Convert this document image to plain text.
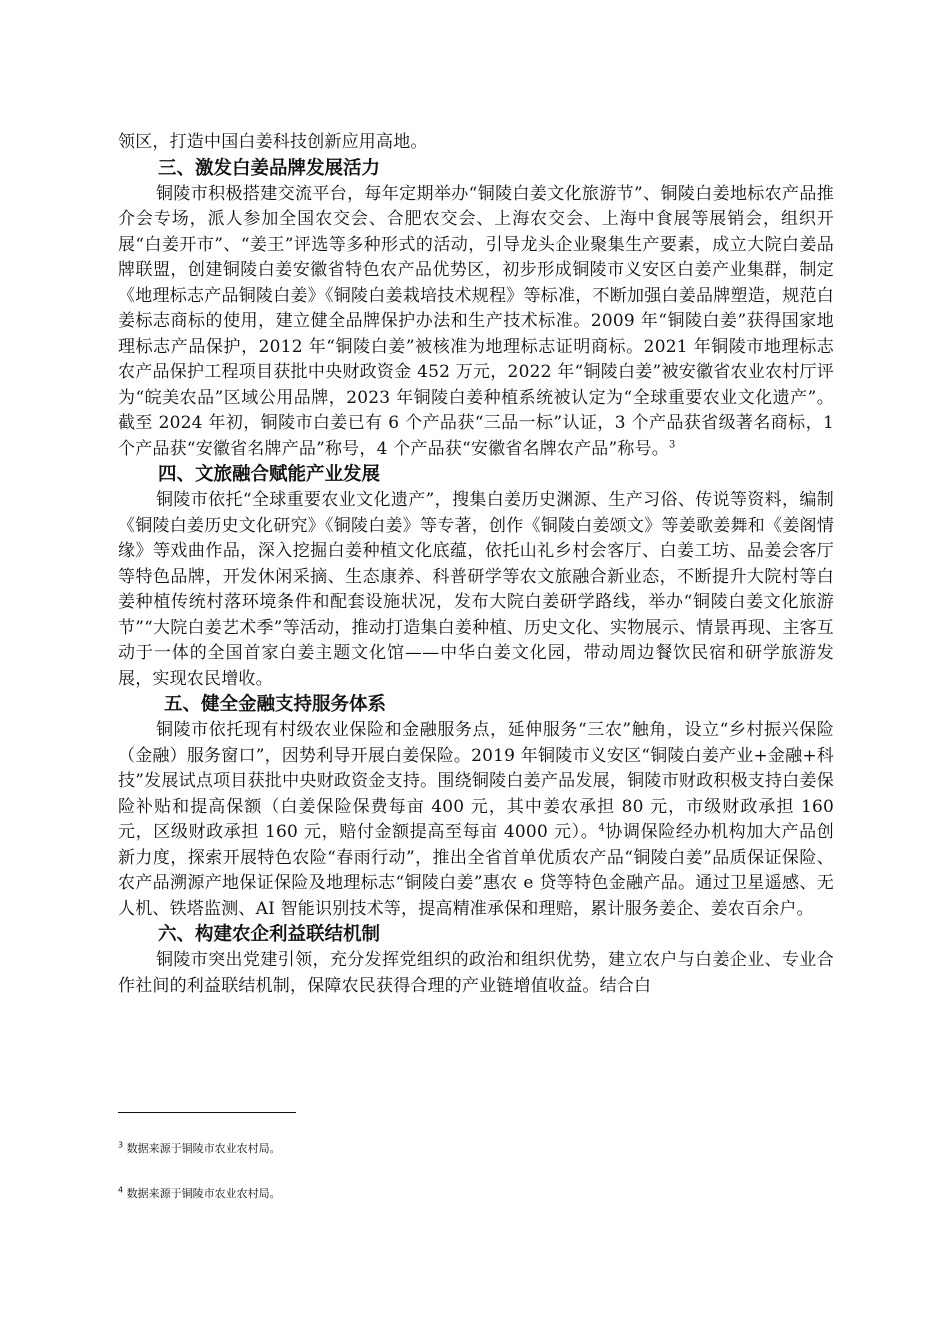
领区，打造中国白姜科技创新应用高地。

三、激发白姜品牌发展活力

铜陵市积极搭建交流平台，每年定期举办“铜陵白姜文化旅游节”、铜陵白姜地标农产品推介会专场，派人参加全国农交会、合肥农交会、上海农交会、上海中食展等展销会，组织开展“白姜开市”、“姜王”评选等多种形式的活动，引导龙头企业聚集生产要素，成立大院白姜品牌联盟，创建铜陵白姜安徽省特色农产品优势区，初步形成铜陵市义安区白姜产业集群，制定《地理标志产品铜陵白姜》《铜陵白姜栽培技术规程》等标准，不断加强白姜品牌塑造，规范白姜标志商标的使用，建立健全品牌保护办法和生产技术标准。2009 年“铜陵白姜”获得国家地理标志产品保护，2012 年“铜陵白姜”被核准为地理标志证明商标。2021 年铜陵市地理标志农产品保护工程项目获批中央财政资金 452 万元，2022 年“铜陵白姜”被安徽省农业农村厅评为“皖美农品”区域公用品牌，2023 年铜陵白姜种植系统被认定为“全球重要农业文化遗产”。截至 2024 年初，铜陵市白姜已有 6 个产品获“三品一标”认证，3 个产品获省级著名商标，1 个产品获“安徽省名牌产品”称号，4 个产品获“安徽省名牌农产品”称号。$^3$

四、文旅融合赋能产业发展

铜陵市依托“全球重要农业文化遗产”，搜集白姜历史渊源、生产习俗、传说等资料，编制《铜陵白姜历史文化研究》《铜陵白姜》等专著，创作《铜陵白姜颂文》等姜歌姜舞和《姜阁情缘》等戏曲作品，深入挖掘白姜种植文化底蕴，依托山礼乡村会客厅、白姜工坊、品姜会客厅等特色品牌，开发休闲采摘、生态康养、科普研学等农文旅融合新业态，不断提升大院村等白姜种植传统村落环境条件和配套设施状况，发布大院白姜研学路线，举办“铜陵白姜文化旅游节”“大院白姜艺术季”等活动，推动打造集白姜种植、历史文化、实物展示、情景再现、主客互动于一体的全国首家白姜主题文化馆——中华白姜文化园，带动周边餐饮民宿和研学旅游发展，实现农民增收。

五、健全金融支持服务体系

铜陵市依托现有村级农业保险和金融服务点，延伸服务“三农”触角，设立“乡村振兴保险（金融）服务窗口”，因势利导开展白姜保险。2019 年铜陵市义安区“铜陵白姜产业+金融+科技”发展试点项目获批中央财政资金支持。围绕铜陵白姜产品发展，铜陵市财政积极支持白姜保险补贴和提高保额（白姜保险保费每亩 400 元，其中姜农承担 80 元，市级财政承担 160 元，区级财政承担 160 元，赔付金额提高至每亩 4000 元）。$^4$协调保险经办机构加大产品创新力度，探索开展特色农险“春雨行动”，推出全省首单优质农产品“铜陵白姜”品质保证保险、农产品溯源产地保证保险及地理标志“铜陵白姜”惠农 e 贷等特色金融产品。通过卫星遥感、无人机、铁塔监测、AI 智能识别技术等，提高精准承保和理赔，累计服务姜企、姜农百余户。

六、构建农企利益联结机制

铜陵市突出党建引领，充分发挥党组织的政治和组织优势，建立农户与白姜企业、专业合作社间的利益联结机制，保障农民获得合理的产业链增值收益。结合白

$^3$ 数据来源于铜陵市农业农村局。

$^4$ 数据来源于铜陵市农业农村局。
